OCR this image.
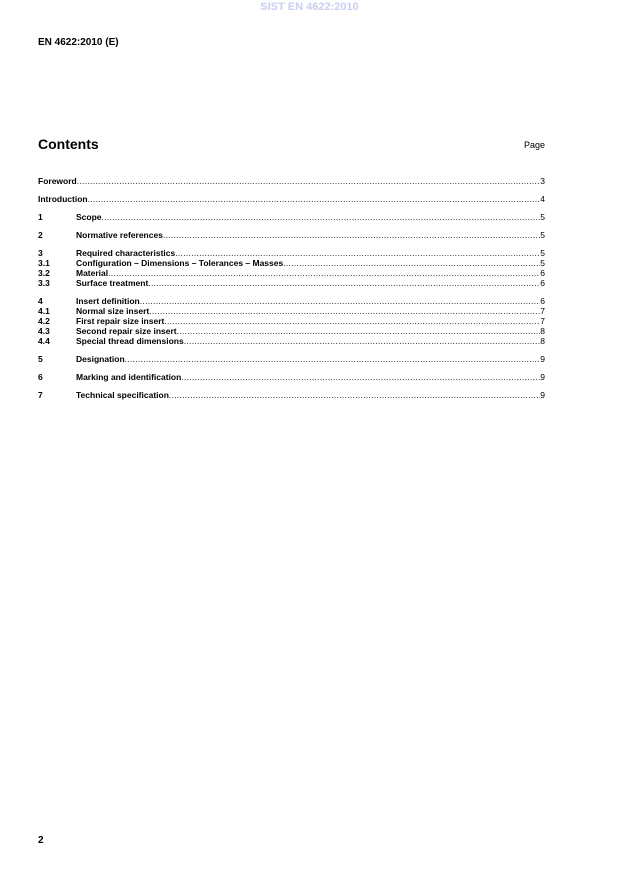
SIST EN 4622:2010
EN 4622:2010 (E)
Contents	Page
Foreword .....	3
Introduction .....	4
1	Scope .....	5
2	Normative references .....	5
3	Required characteristics .....	5
3.1	Configuration – Dimensions – Tolerances – Masses .....	5
3.2	Material .....	6
3.3	Surface treatment .....	6
4	Insert definition .....	6
4.1	Normal size insert .....	7
4.2	First repair size insert .....	7
4.3	Second repair size insert .....	8
4.4	Special thread dimensions .....	8
5	Designation .....	9
6	Marking and identification .....	9
7	Technical specification .....	9
2
